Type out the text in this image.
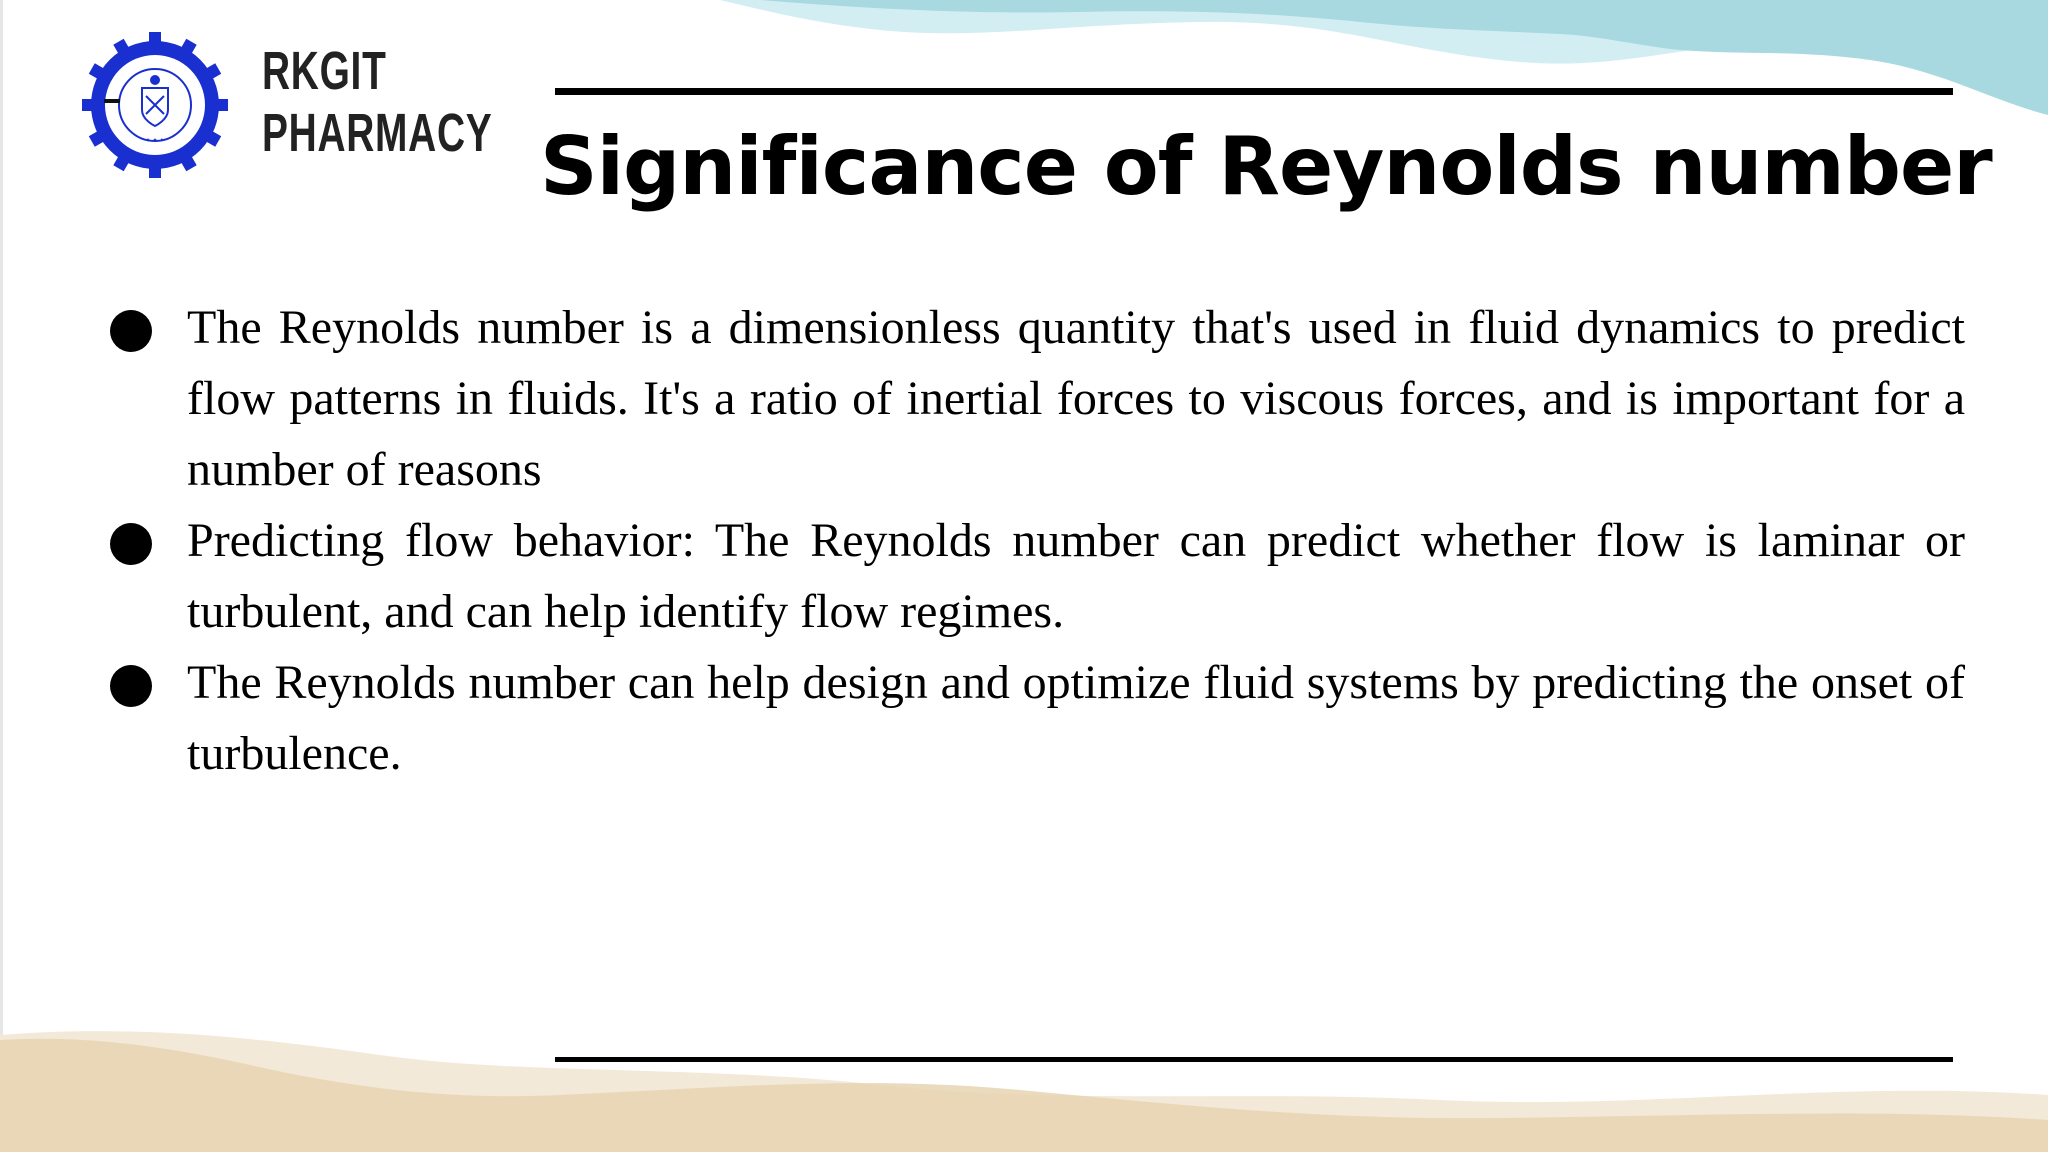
✦ ✦ ✦
RKGIT
PHARMACY Significance of Reynolds number
The Reynolds number is a dimensionless quantity that's used in fluid dynamics to predict flow patterns in fluids. It's a ratio of inertial forces to viscous forces, and is important for a number of reasons
Predicting flow behavior: The Reynolds number can predict whether flow is laminar or turbulent, and can help identify flow regimes.
The Reynolds number can help design and optimize fluid systems by predicting the onset of turbulence.
